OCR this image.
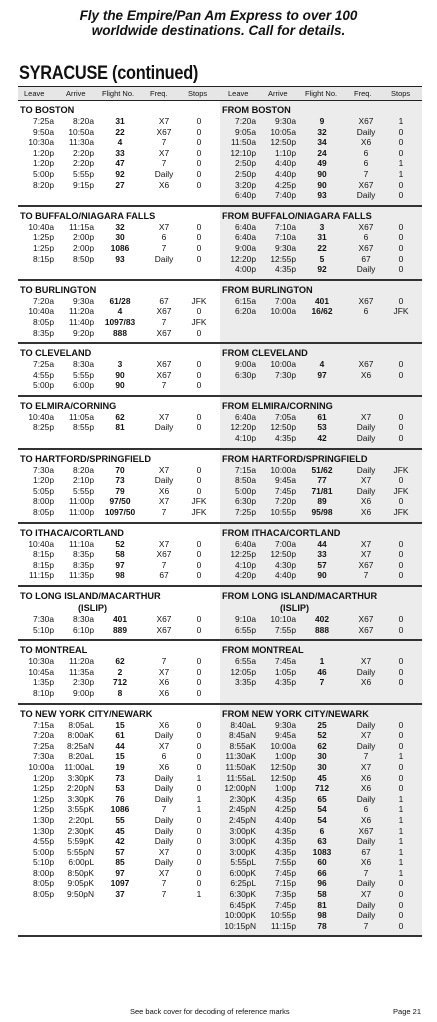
Fly the Empire/Pan Am Express to over 100
worldwide destinations. Call for details.
SYRACUSE (continued)
Leave	Arrive Flight No. Freq.	Stops	Leave	Arrive Flight No. Freq.	Stops
TO BOSTON
7:25a	8:20a	31	X7	0
9:50a	10:50a	22	X67	0
10:30a	11:30a	4	7	0
1:20p	2:20p	33	X7	0
1:20p	2:20p	47	7	0
5:00p	5:55p	92	Daily	0
8:20p	9:15p	27	X6	0
FROM BOSTON
7:20a	9:30a	9	X67	1
9:05a	10:05a	32	Daily	0
11:50a	12:50p	34	X6	0
12:10p	1:10p	24	6	0
2:50p	4:40p	49	6	1
2:50p	4:40p	90	7	1
3:20p	4:25p	90	X67	0
6:40p	7:40p	93	Daily	0
TO BUFFALO/NIAGARA FALLS
10:40a	11:15a	32	X7	0
1:25p	2:00p	30	6	0
1:25p	2:00p	1086	7	0
8:15p	8:50p	93	Daily	0
FROM BUFFALO/NIAGARA FALLS
6:40a	7:10a	3	X67	0
6:40a	7:10a	31	6	0
9:00a	9:30a	22	X67	0
12:20p	12:55p	5	67	0
4:00p	4:35p	92	Daily	0
TO BURLINGTON
7:20a	9:30a	61/28	67	JFK
10:40a	11:20a	4	X67	0
8:05p	11:40p	1097/83	7	JFK
8:35p	9:20p	888	X67	0
FROM BURLINGTON
6:15a	7:00a	401	X67	0
6:20a	10:00a	16/62	6	JFK
TO CLEVELAND
7:25a	8:30a	3	X67	0
4:55p	5:55p	90	X67	0
5:00p	6:00p	90	7	0
FROM CLEVELAND
9:00a	10:00a	4	X67	0
6:30p	7:30p	97	X6	0
TO ELMIRA/CORNING
10:40a	11:05a	62	X7	0
8:25p	8:55p	81	Daily	0
FROM ELMIRA/CORNING
6:40a	7:05a	61	X7	0
12:20p	12:50p	53	Daily	0
4:10p	4:35p	42	Daily	0
TO HARTFORD/SPRINGFIELD
7:30a	8:20a	70	X7	0
1:20p	2:10p	73	Daily	0
5:05p	5:55p	79	X6	0
8:00p	11:00p	97/50	X7	JFK
8:05p	11:00p	1097/50	7	JFK
FROM HARTFORD/SPRINGFIELD
7:15a	10:00a	51/62	Daily	JFK
8:50a	9:45a	77	X7	0
5:00p	7:45p	71/81	Daily	JFK
6:30p	7:20p	89	X6	0
7:25p	10:55p	95/98	X6	JFK
TO ITHACA/CORTLAND
10:40a	11:10a	52	X7	0
8:15p	8:35p	58	X67	0
8:15p	8:35p	97	7	0
11:15p	11:35p	98	67	0
FROM ITHACA/CORTLAND
6:40a	7:00a	44	X7	0
12:25p	12:50p	33	X7	0
4:10p	4:30p	57	X67	0
4:20p	4:40p	90	7	0
TO LONG ISLAND/MACARTHUR
(ISLIP)
7:30a	8:30a	401	X67	0
5:10p	6:10p	889	X67	0
FROM LONG ISLAND/MACARTHUR
(ISLIP)
9:10a	10:10a	402	X67	0
6:55p	7:55p	888	X67	0
TO MONTREAL
10:30a	11:20a	62	7	0
10:45a	11:35a	2	X7	0
1:35p	2:30p	712	X6	0
8:10p	9:00p	8	X6	0
FROM MONTREAL
6:55a	7:45a	1	X7	0
12:05p	1:05p	46	Daily	0
3:35p	4:35p	7	X6	0
TO NEW YORK CITY/NEWARK
7:15a	8:05aL	15	X6	0
7:20a	8:00aK	61	Daily	0
7:25a	8:25aN	44	X7	0
7:30a	8:20aL	15	6	0
10:00a	11:00aL	19	X6	0
1:20p	3:30pK	73	Daily	1
1:25p	2:20pN	53	Daily	0
1:25p	3:30pK	76	Daily	1
1:25p	3:55pK	1086	7	1
1:30p	2:20pL	55	Daily	0
1:30p	2:30pK	45	Daily	0
4:55p	5:59pK	42	Daily	0
5:00p	5:55pN	57	X7	0
5:10p	6:00pL	85	Daily	0
8:00p	8:50pK	97	X7	0
8:05p	9:05pK	1097	7	0
8:05p	9:50pN	37	7	1
FROM NEW YORK CITY/NEWARK
8:40aL	9:30a	25	Daily	0
8:45aN	9:45a	52	X7	0
8:55aK	10:00a	62	Daily	0
11:30aK	1:00p	30	7	1
11:50aK	12:50p	30	X7	0
11:55aL	12:50p	45	X6	0
12:00pN	1:00p	712	X6	0
2:30pK	4:35p	65	Daily	1
2:45pN	4:25p	54	6	1
2:45pN	4:40p	54	X6	1
3:00pK	4:35p	6	X67	1
3:00pK	4:35p	63	Daily	1
3:00pK	4:35p	1083	67	1
5:55pL	7:55p	60	X6	1
6:00pK	7:45p	66	7	1
6:25pL	7:15p	96	Daily	0
6:30pK	7:35p	58	X7	0
6:45pK	7:45p	81	Daily	0
10:00pK	10:55p	98	Daily	0
10:15pN	11:15p	78	7	0
See back cover for decoding of reference marks	Page 21
